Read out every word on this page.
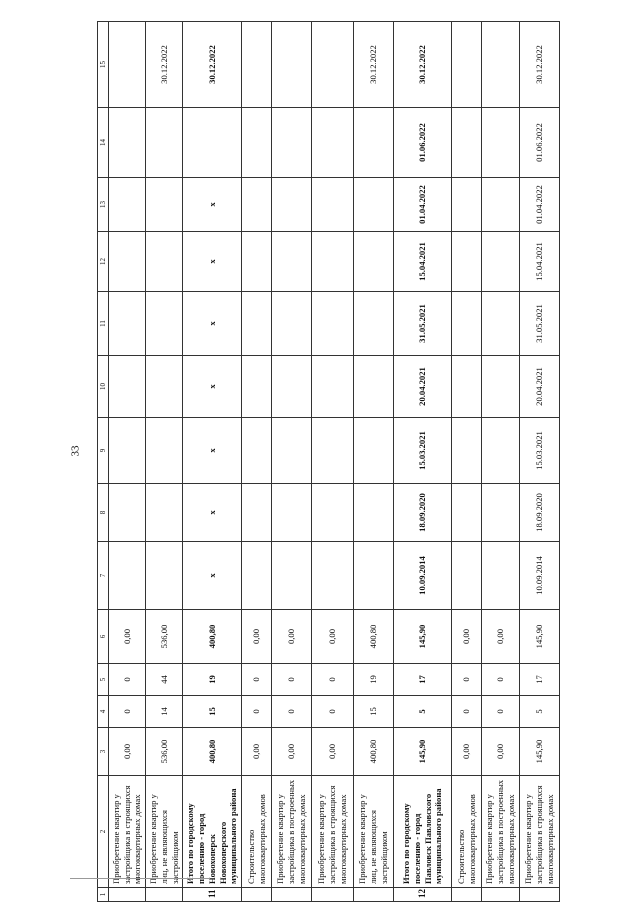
33
1	2	3	4	5	6	7	8	9	10	11	12	13	14	15
	Приобретение квартир у застройщика в строящихся многоквартирных домах	0,00	0	0	0,00									
	Приобретение квартир у лиц, не являющихся застройщиком	536,00	14	44	536,00									30.12.2022
11	Итого по городскому поселению - город Новохоперск Новохоперского муниципального района	400,80	15	19	400,80	x	x	x	x	x	x	x		30.12.2022
	Строительство многоквартирных домов	0,00	0	0	0,00									
	Приобретение квартир у застройщика в построенных многоквартирных домах	0,00	0	0	0,00									
	Приобретение квартир у застройщика в строящихся многоквартирных домах	0,00	0	0	0,00									
	Приобретение квартир у лиц, не являющихся застройщиком	400,80	15	19	400,80									30.12.2022
12	Итого по городскому поселению - город Павловск Павловского муниципального района	145,90	5	17	145,90	10.09.2014	18.09.2020	15.03.2021	20.04.2021	31.05.2021	15.04.2021	01.04.2022	01.06.2022	30.12.2022
	Строительство многоквартирных домов	0,00	0	0	0,00									
	Приобретение квартир у застройщика в построенных многоквартирных домах	0,00	0	0	0,00									
	Приобретение квартир у застройщика в строящихся многоквартирных домах	145,90	5	17	145,90	10.09.2014	18.09.2020	15.03.2021	20.04.2021	31.05.2021	15.04.2021	01.04.2022	01.06.2022	30.12.2022
